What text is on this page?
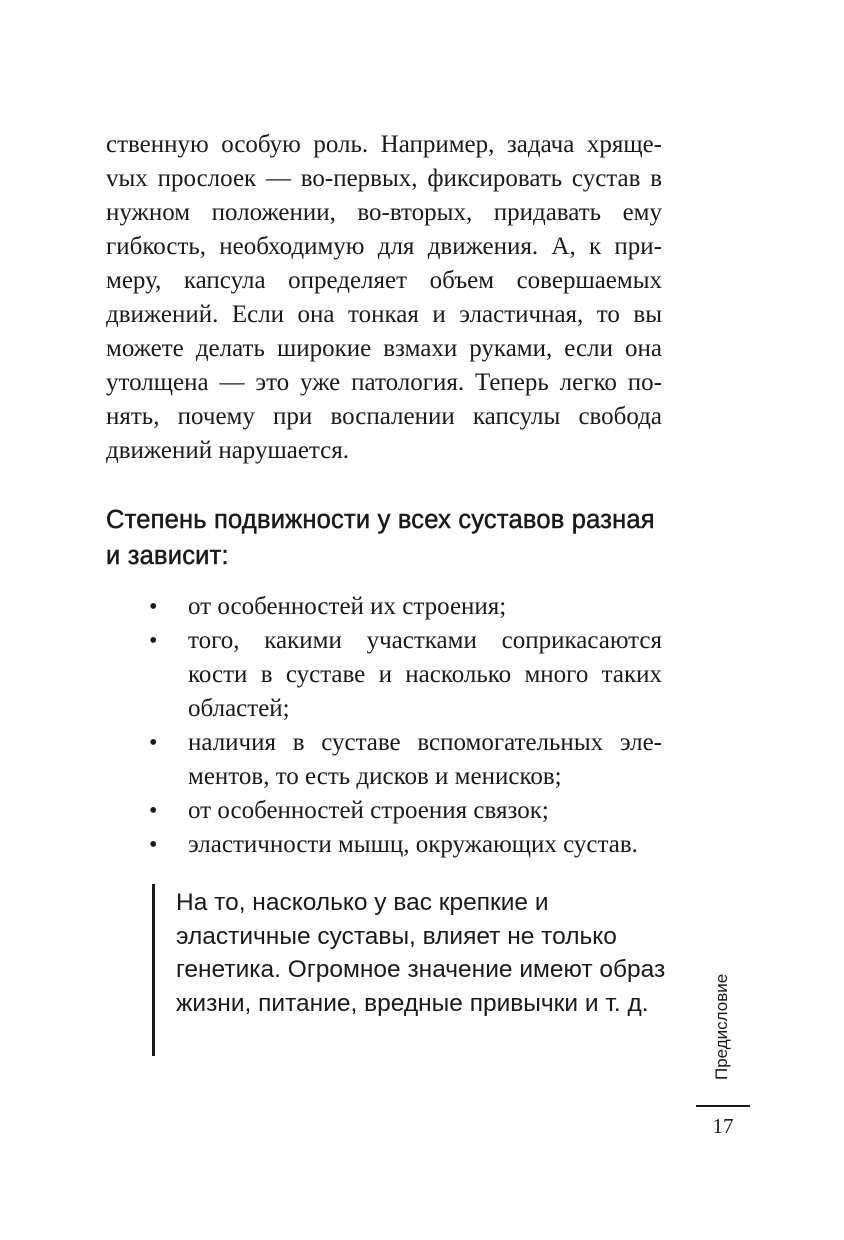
ственную особую роль. Например, задача хрящеvых прослоек — во-первых, фиксировать сустав в нужном положении, во-вторых, придавать ему гибкость, необходимую для движения. А, к примеру, капсула определяет объем совершаемых движений. Если она тонкая и эластичная, то вы можете делать широкие взмахи руками, если она утолщена — это уже патология. Теперь легко понять, почему при воспалении капсулы свобода движений нарушается.

Степень подвижности у всех суставов разная и зависит:
•	от особенностей их строения;
•	того, какими участками соприкасаются кости в суставе и насколько много таких областей;
•	наличия в суставе вспомогательных элементов, то есть дисков и менисков;
•	от особенностей строения связок;
•	эластичности мышц, окружающих сустав.

На то, насколько у вас крепкие и эластичные суставы, влияет не только генетика. Огромное значение имеют образ жизни, питание, вредные привычки и т. д.	Предисловие
17
